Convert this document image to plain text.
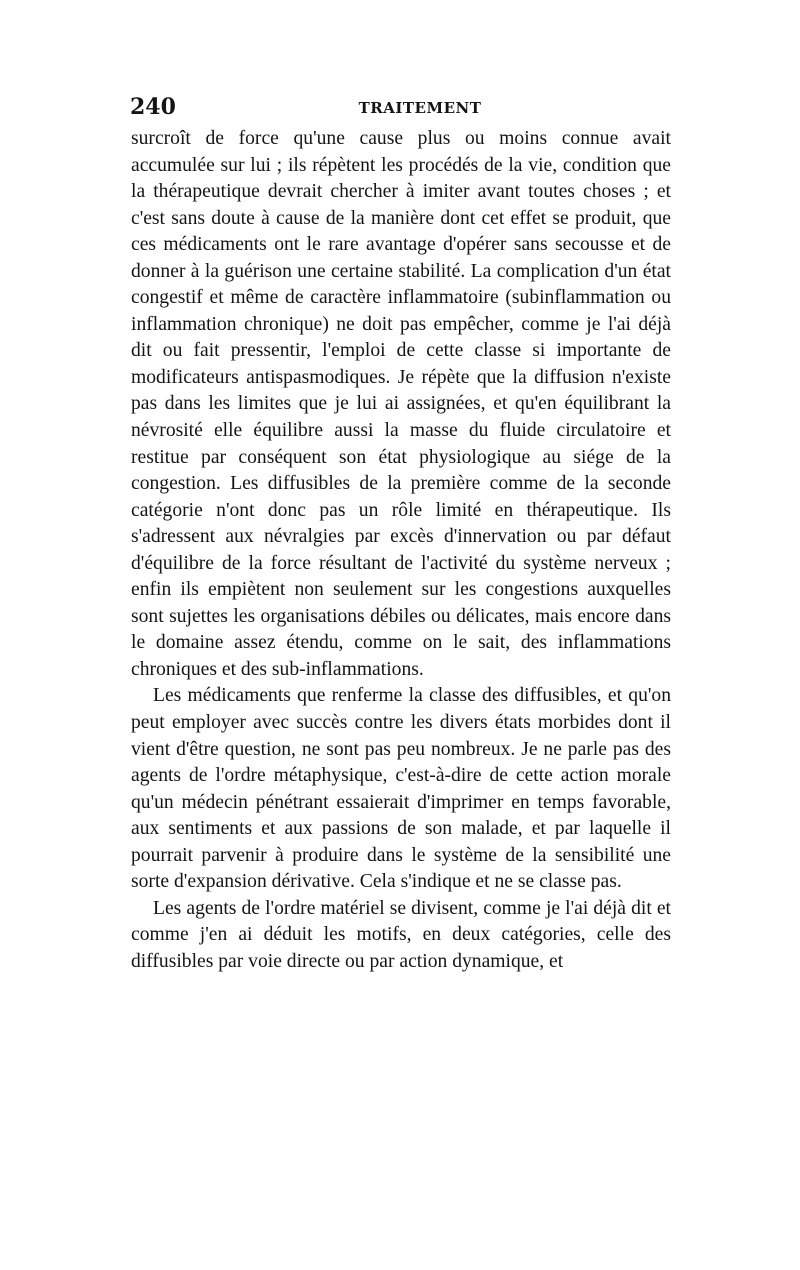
240	TRAITEMENT

surcroît de force qu'une cause plus ou moins connue avait accumulée sur lui ; ils répètent les procédés de la vie, condition que la thérapeutique devrait chercher à imiter avant toutes choses ; et c'est sans doute à cause de la manière dont cet effet se produit, que ces médicaments ont le rare avantage d'opérer sans secousse et de donner à la guérison une certaine stabilité. La complication d'un état congestif et même de caractère inflammatoire (subinflammation ou inflammation chronique) ne doit pas empêcher, comme je l'ai déjà dit ou fait pressentir, l'emploi de cette classe si importante de modificateurs antispasmodiques. Je répète que la diffusion n'existe pas dans les limites que je lui ai assignées, et qu'en équilibrant la névrosité elle équilibre aussi la masse du fluide circulatoire et restitue par conséquent son état physiologique au siége de la congestion. Les diffusibles de la première comme de la seconde catégorie n'ont donc pas un rôle limité en thérapeutique. Ils s'adressent aux névralgies par excès d'innervation ou par défaut d'équilibre de la force résultant de l'activité du système nerveux ; enfin ils empiètent non seulement sur les congestions auxquelles sont sujettes les organisations débiles ou délicates, mais encore dans le domaine assez étendu, comme on le sait, des inflammations chroniques et des sub-inflammations.

Les médicaments que renferme la classe des diffusibles, et qu'on peut employer avec succès contre les divers états morbides dont il vient d'être question, ne sont pas peu nombreux. Je ne parle pas des agents de l'ordre métaphysique, c'est-à-dire de cette action morale qu'un médecin pénétrant essaierait d'imprimer en temps favorable, aux sentiments et aux passions de son malade, et par laquelle il pourrait parvenir à produire dans le système de la sensibilité une sorte d'expansion dérivative. Cela s'indique et ne se classe pas.

Les agents de l'ordre matériel se divisent, comme je l'ai déjà dit et comme j'en ai déduit les motifs, en deux catégories, celle des diffusibles par voie directe ou par action dynamique, et
